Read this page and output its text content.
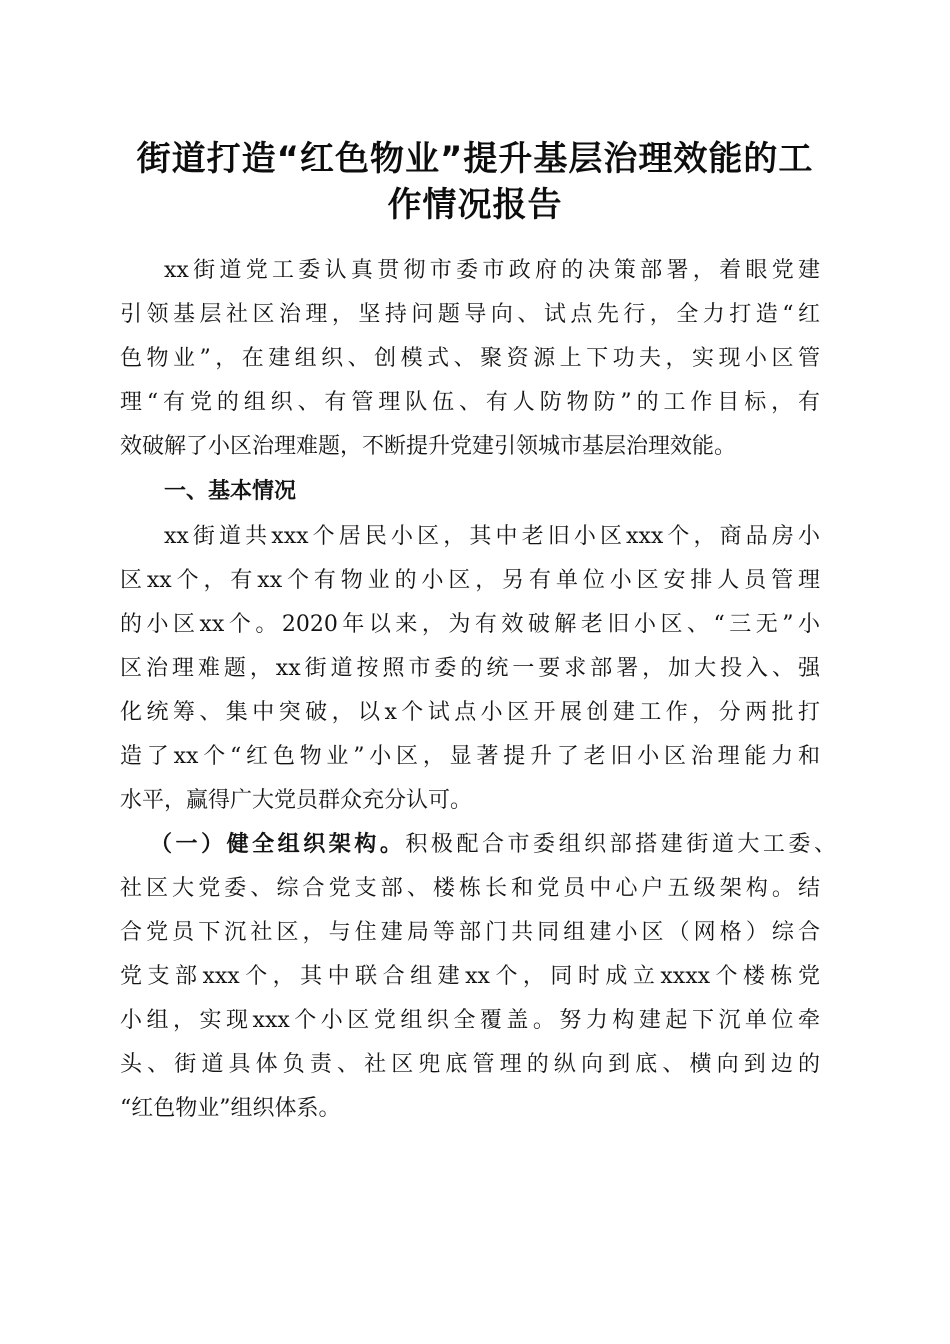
街道打造“红色物业”提升基层治理效能的工
作情况报告
xx街道党工委认真贯彻市委市政府的决策部署，着眼党建
引领基层社区治理，坚持问题导向、试点先行，全力打造“红
色物业”，在建组织、创模式、聚资源上下功夫，实现小区管
理“有党的组织、有管理队伍、有人防物防”的工作目标，有
效破解了小区治理难题，不断提升党建引领城市基层治理效能。
一、基本情况
xx街道共xxx个居民小区，其中老旧小区xxx个，商品房小
区xx个，有xx个有物业的小区，另有单位小区安排人员管理
的小区xx个。2020年以来，为有效破解老旧小区、“三无”小
区治理难题，xx街道按照市委的统一要求部署，加大投入、强
化统筹、集中突破，以x个试点小区开展创建工作，分两批打
造了xx个“红色物业”小区，显著提升了老旧小区治理能力和
水平，赢得广大党员群众充分认可。
（一）健全组织架构。积极配合市委组织部搭建街道大工委、
社区大党委、综合党支部、楼栋长和党员中心户五级架构。结
合党员下沉社区，与住建局等部门共同组建小区（网格）综合
党支部xxx个，其中联合组建xx个，同时成立xxxx个楼栋党
小组，实现xxx个小区党组织全覆盖。努力构建起下沉单位牵
头、街道具体负责、社区兜底管理的纵向到底、横向到边的
“红色物业”组织体系。
